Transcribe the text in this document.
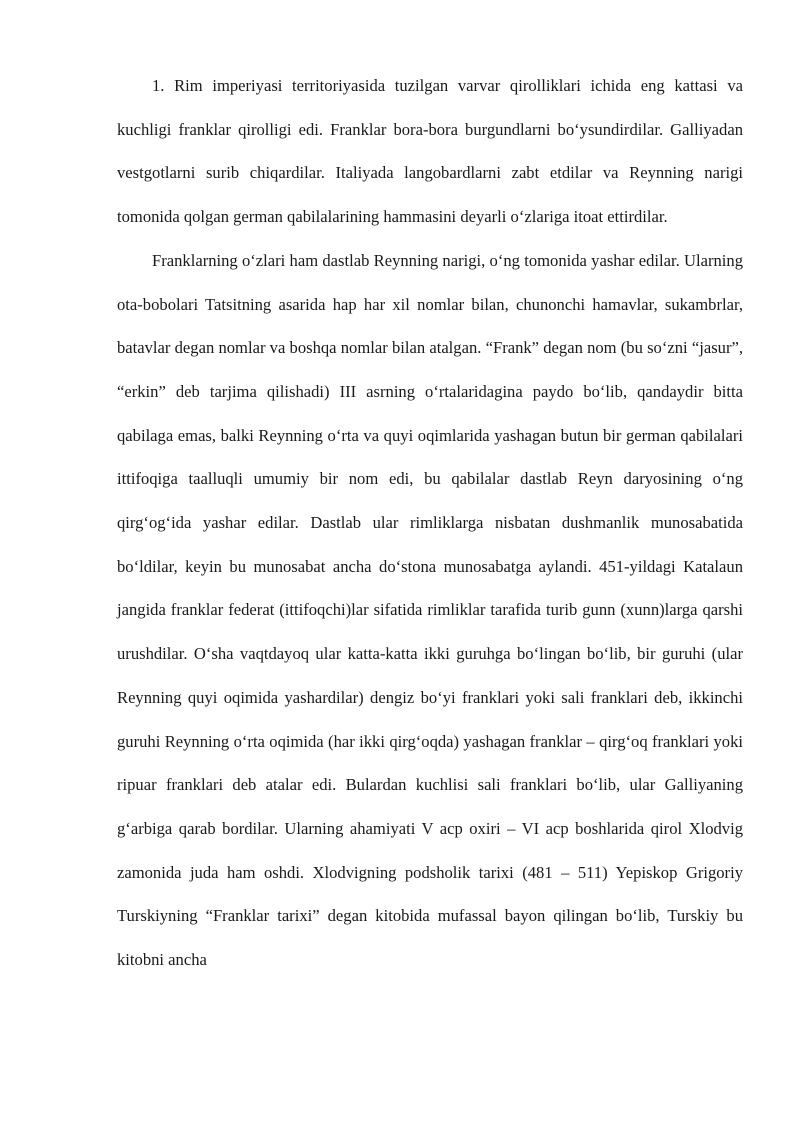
1. Rim imperiyasi territoriyasida tuzilgan varvar qirolliklari ichida eng kattasi va kuchligi franklar qirolligi edi. Franklar bora-bora burgundlarni bo‘ysundirdilar. Galliyadan vestgotlarni surib chiqardilar. Italiyada langobardlarni zabt etdilar va Reynning narigi tomonida qolgan german qabilalarining hammasini deyarli o‘zlariga itoat ettirdilar.

Franklarning o‘zlari ham dastlab Reynning narigi, o‘ng tomonida yashar edilar. Ularning ota-bobolari Tatsitning asarida hap har xil nomlar bilan, chunonchi hamavlar, sukambrlar, batavlar degan nomlar va boshqa nomlar bilan atalgan. “Frank” degan nom (bu so‘zni “jasur”, “erkin” deb tarjima qilishadi) III asrning o‘rtalaridagina paydo bo‘lib, qandaydir bitta qabilaga emas, balki Reynning o‘rta va quyi oqimlarida yashagan butun bir german qabilalari ittifoqiga taalluqli umumiy bir nom edi, bu qabilalar dastlab Reyn daryosining o‘ng qirg‘og‘ida yashar edilar. Dastlab ular rimliklarga nisbatan dushmanlik munosabatida bo‘ldilar, keyin bu munosabat ancha do‘stona munosabatga aylandi. 451-yildagi Katalaun jangida franklar federat (ittifoqchi)lar sifatida rimliklar tarafida turib gunn (xunn)larga qarshi urushdilar. O‘sha vaqtdayoq ular katta-katta ikki guruhga bo‘lingan bo‘lib, bir guruhi (ular Reynning quyi oqimida yashardilar) dengiz bo‘yi franklari yoki sali franklari deb, ikkinchi guruhi Reynning o‘rta oqimida (har ikki qirg‘oqda) yashagan franklar – qirg‘oq franklari yoki ripuar franklari deb atalar edi. Bulardan kuchlisi sali franklari bo‘lib, ular Galliyaning g‘arbiga qarab bordilar. Ularning ahamiyati V acp oxiri – VI acp boshlarida qirol Xlodvig zamonida juda ham oshdi. Xlodvigning podsholik tarixi (481 – 511) Yepiskop Grigoriy Turskiyning “Franklar tarixi” degan kitobida mufassal bayon qilingan bo‘lib, Turskiy bu kitobni ancha
